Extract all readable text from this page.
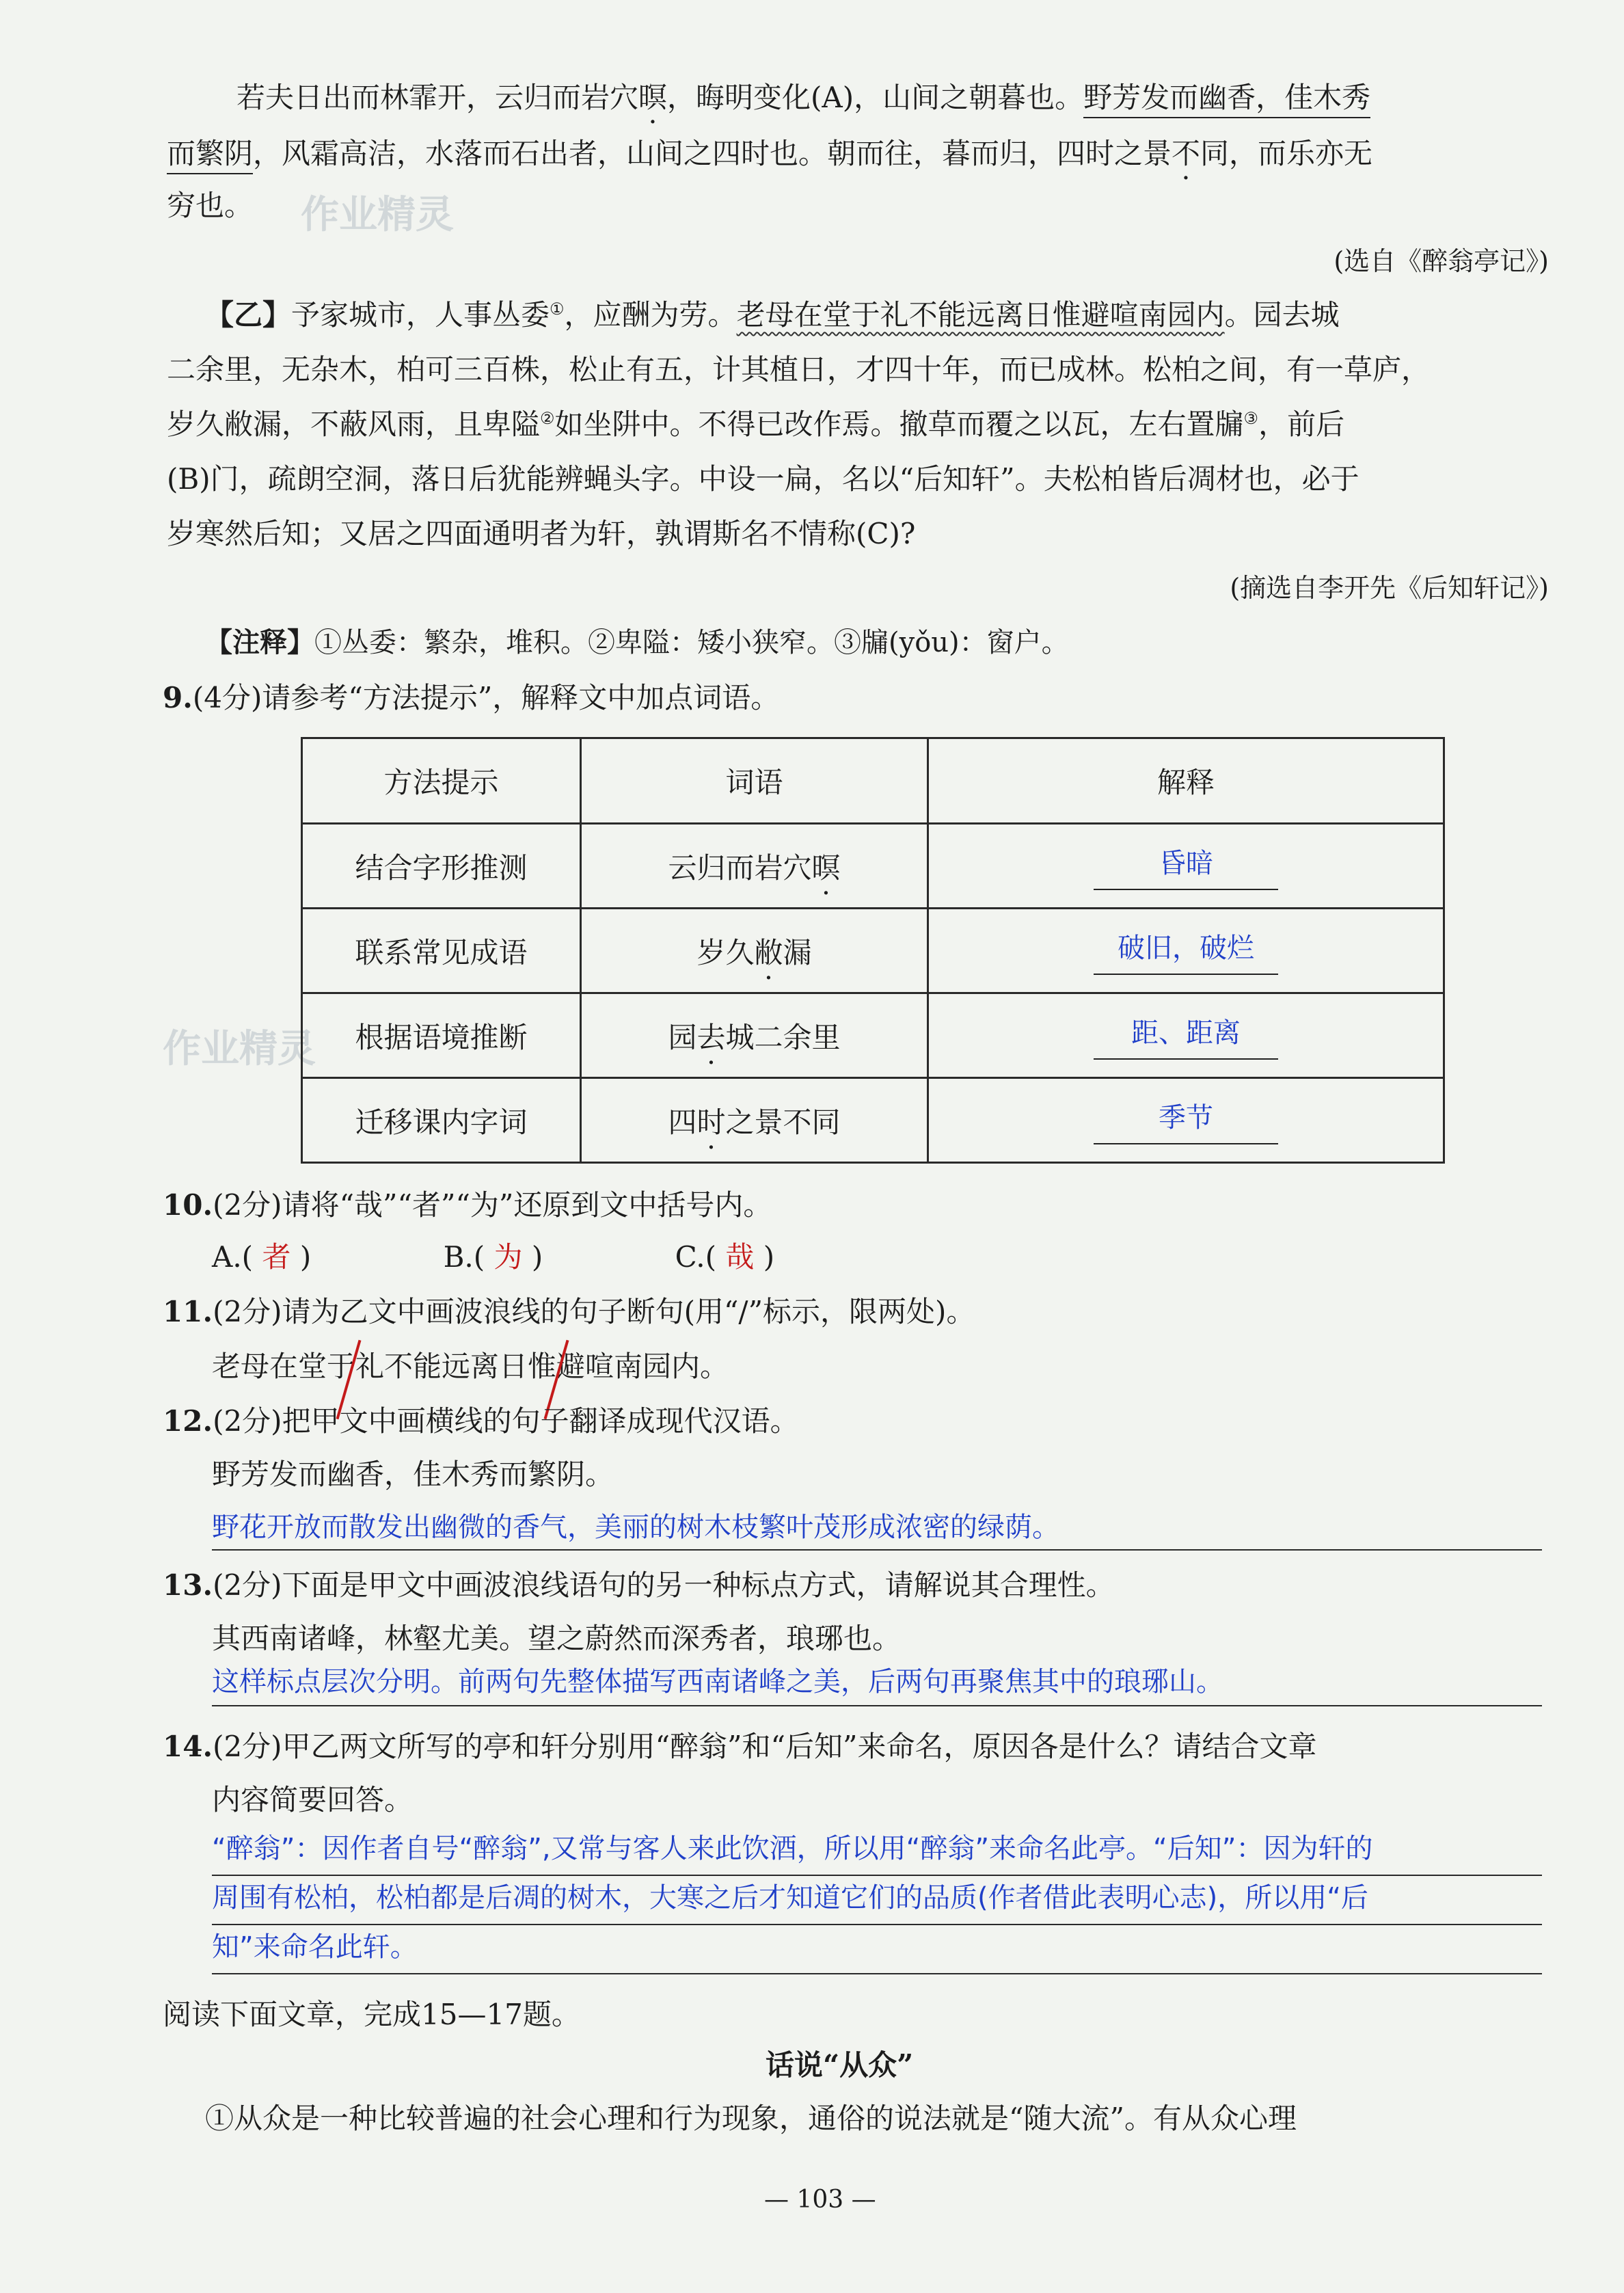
作业精灵
作业精灵
若夫日出而林霏开，云归而岩穴暝，晦明变化(A)，山间之朝暮也。野芳发而幽香，佳木秀
而繁阴，风霜高洁，水落而石出者，山间之四时也。朝而往，暮而归，四时之景不同，而乐亦无
穷也。
(选自《醉翁亭记》)
【乙】予家城市，人事丛委①，应酬为劳。老母在堂于礼不能远离日惟避喧南园内。园去城
二余里，无杂木，柏可三百株，松止有五，计其植日，才四十年，而已成林。松柏之间，有一草庐，
岁久敝漏，不蔽风雨，且卑隘②如坐阱中。不得已改作焉。撤草而覆之以瓦，左右置牖③，前后
(B)门，疏朗空洞，落日后犹能辨蝇头字。中设一扁，名以“后知轩”。夫松柏皆后凋材也，必于
岁寒然后知；又居之四面通明者为轩，孰谓斯名不情称(C)?
(摘选自李开先《后知轩记》)
【注释】①丛委：繁杂，堆积。②卑隘：矮小狭窄。③牖(yǒu)：窗户。
9.(4分)请参考“方法提示”，解释文中加点词语。
方法提示	词语	解释
结合字形推测	云归而岩穴暝	昏暗
联系常见成语	岁久敝漏	破旧，破烂
根据语境推断	园去城二余里	距、距离
迁移课内字词	四时之景不同	季节
10.(2分)请将“哉”“者”“为”还原到文中括号内。
A.( 者 )	B.( 为 )	C.( 哉 )
11.(2分)请为乙文中画波浪线的句子断句(用“/”标示，限两处)。
老母在堂于礼不能远离日惟避喧南园内。
12.(2分)把甲文中画横线的句子翻译成现代汉语。
野芳发而幽香，佳木秀而繁阴。
野花开放而散发出幽微的香气，美丽的树木枝繁叶茂形成浓密的绿荫。
13.(2分)下面是甲文中画波浪线语句的另一种标点方式，请解说其合理性。
其西南诸峰，林壑尤美。望之蔚然而深秀者，琅琊也。
这样标点层次分明。前两句先整体描写西南诸峰之美，后两句再聚焦其中的琅琊山。
14.(2分)甲乙两文所写的亭和轩分别用“醉翁”和“后知”来命名，原因各是什么？请结合文章
内容简要回答。
“醉翁”：因作者自号“醉翁”,又常与客人来此饮酒，所以用“醉翁”来命名此亭。“后知”：因为轩的
周围有松柏，松柏都是后凋的树木，大寒之后才知道它们的品质(作者借此表明心志)，所以用“后
知”来命名此轩。
阅读下面文章，完成15—17题。
话说“从众”
①从众是一种比较普遍的社会心理和行为现象，通俗的说法就是“随大流”。有从众心理
— 103 —
